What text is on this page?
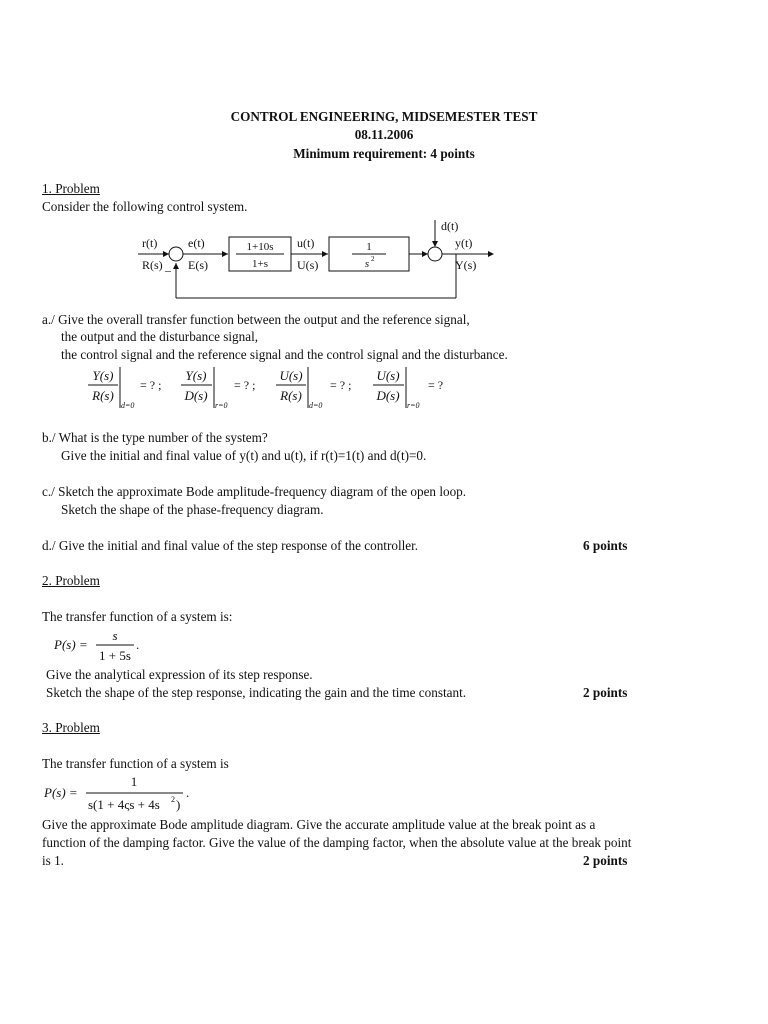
CONTROL ENGINEERING, MIDSEMESTER TEST
08.11.2006
Minimum requirement: 4 points
1. Problem
Consider the following control system.
r(t)
R(s) _
e(t)
E(s)
1+10s
1+s
u(t)
U(s)
1
s 2
d(t)
y(t)
Y(s)
a./ Give the overall transfer function between the output and the reference signal,
the output and the disturbance signal,
the control signal and the reference signal and the control signal and the disturbance.
Y(s)
R(s)
Y(s)
D(s)
U(s)
R(s)
U(s)
D(s)
d=0	r=0	d=0	r=0
= ? ;	= ? ;	= ? ;	= ?
b./ What is the type number of the system?
Give the initial and final value of y(t) and u(t), if r(t)=1(t) and d(t)=0.
c./ Sketch the approximate Bode amplitude-frequency diagram of the open loop.
Sketch the shape of the phase-frequency diagram.
d./ Give the initial and final value of the step response of the controller.	6 points
2. Problem
The transfer function of a system is:
P(s) =
s
1 + 5s
.
Give the analytical expression of its step response.
Sketch the shape of the step response, indicating the gain and the time constant.	2 points
3. Problem
The transfer function of a system is
P(s) =
1
s(1 + 4ςs + 4s 2 )
.
Give the approximate Bode amplitude diagram. Give the accurate amplitude value at the break point as a
function of the damping factor. Give the value of the damping factor, when the absolute value at the break point
is 1.	2 points
